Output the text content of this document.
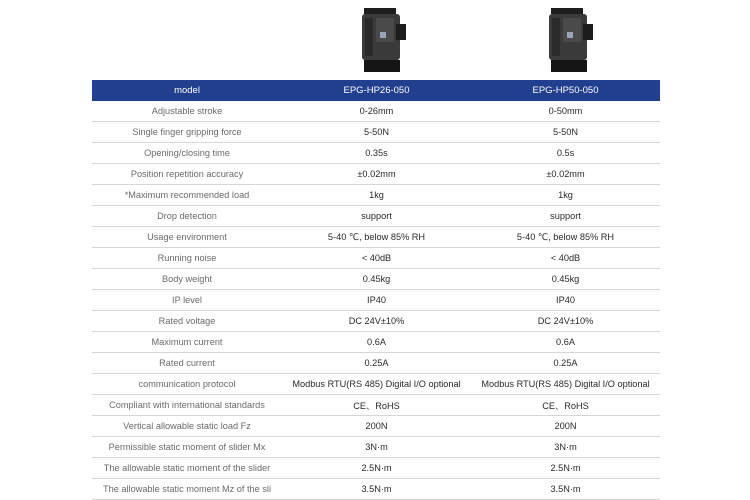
model	EPG-HP26-050	EPG-HP50-050
Adjustable stroke	0-26mm	0-50mm
Single finger gripping force	5-50N	5-50N
Opening/closing time	0.35s	0.5s
Position repetition accuracy	±0.02mm	±0.02mm
*Maximum recommended load	1kg	1kg
Drop detection	support	support
Usage environment	5-40 ℃, below 85% RH	5-40 ℃, below 85% RH
Running noise	< 40dB	< 40dB
Body weight	0.45kg	0.45kg
IP level	IP40	IP40
Rated voltage	DC 24V±10%	DC 24V±10%
Maximum current	0.6A	0.6A
Rated current	0.25A	0.25A
communication protocol	Modbus RTU(RS 485) Digital I/O optional	Modbus RTU(RS 485) Digital I/O optional
Compliant with international standards	CE、RoHS	CE、RoHS
Vertical allowable static load Fz	200N	200N
Permissible static moment of slider Mx	3N·m	3N·m
The allowable static moment of the slider	2.5N·m	2.5N·m
The allowable static moment Mz of the sli	3.5N·m	3.5N·m
